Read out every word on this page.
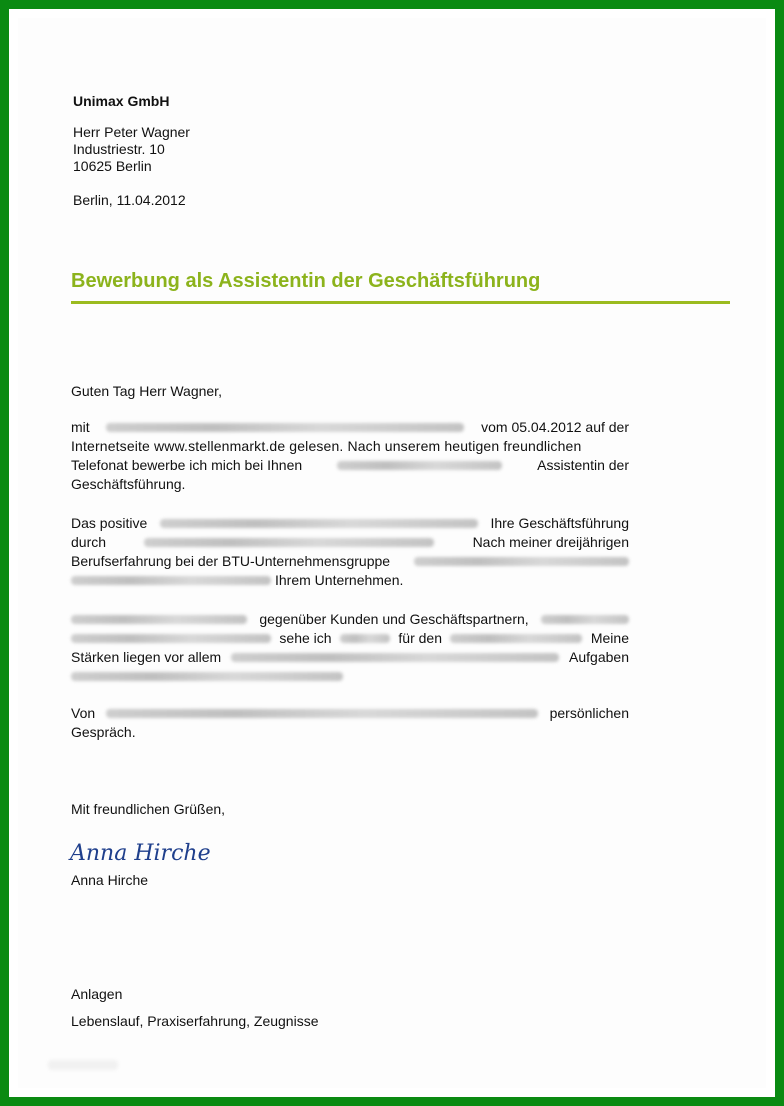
Unimax GmbH
Herr Peter Wagner
Industriestr. 10
10625 Berlin
Berlin, 11.04.2012
Bewerbung als Assistentin der Geschäftsführung
Guten Tag Herr Wagner,
mit	vom 05.04.2012 auf der
Internetseite www.stellenmarkt.de gelesen. Nach unserem heutigen freundlichen
Telefonat bewerbe ich mich bei Ihnen	Assistentin der
Geschäftsführung.
Das positive	Ihre Geschäftsführung
durch	Nach meiner dreijährigen
Berufserfahrung bei der BTU-Unternehmensgruppe
Ihrem Unternehmen.
gegenüber Kunden und Geschäftspartnern,
sehe ich	für den	Meine
Stärken liegen vor allem	Aufgaben
Von	persönlichen
Gespräch.
Mit freundlichen Grüßen,
Anna Hirche
Anna Hirche
Anlagen
Lebenslauf, Praxiserfahrung, Zeugnisse
